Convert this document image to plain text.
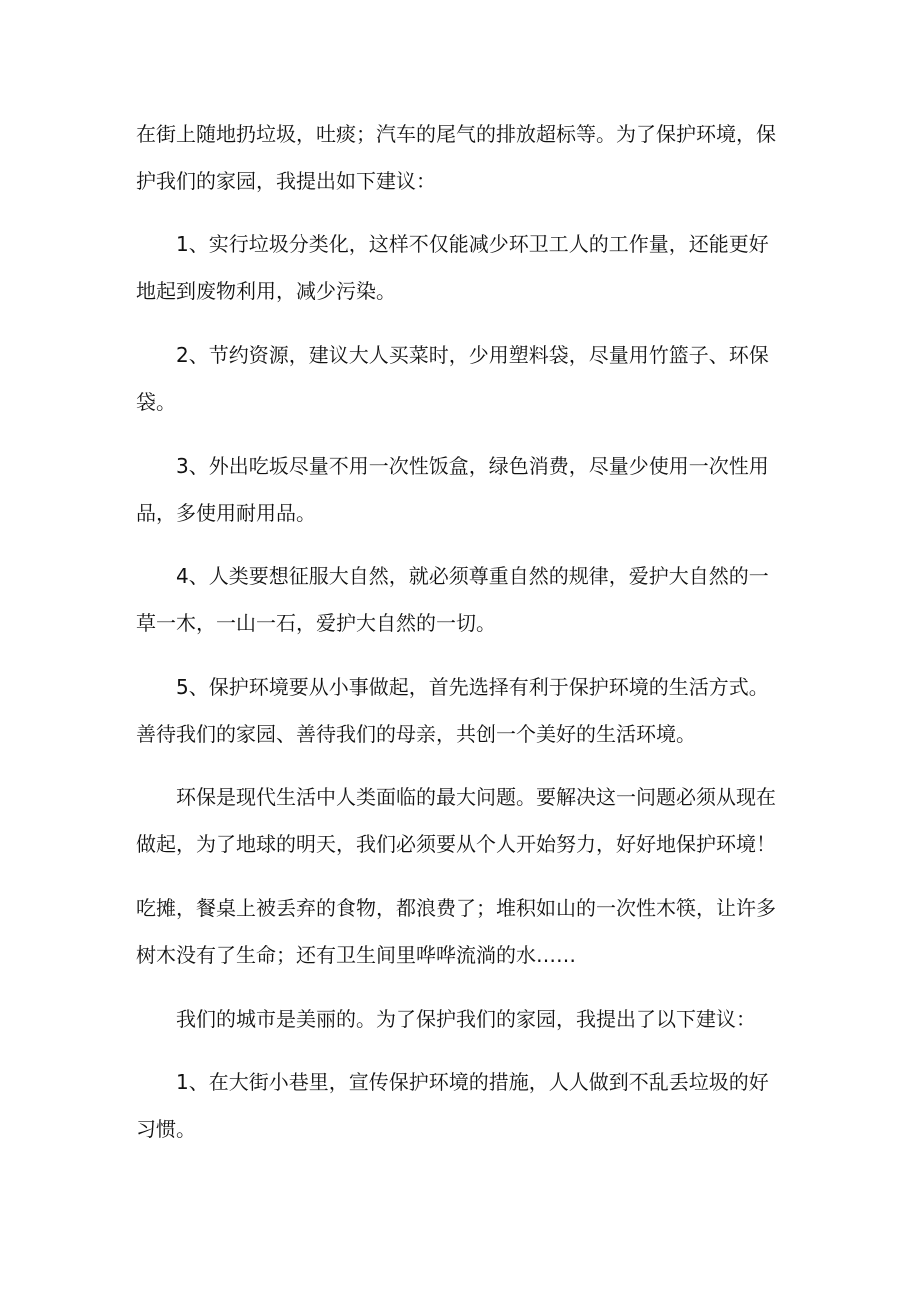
在街上随地扔垃圾，吐痰；汽车的尾气的排放超标等。为了保护环境，保

护我们的家园，我提出如下建议：

1、实行垃圾分类化，这样不仅能减少环卫工人的工作量，还能更好

地起到废物利用，减少污染。

2、节约资源，建议大人买菜时，少用塑料袋，尽量用竹篮子、环保

袋。

3、外出吃坂尽量不用一次性饭盒，绿色消费，尽量少使用一次性用

品，多使用耐用品。

4、人类要想征服大自然，就必须尊重自然的规律，爱护大自然的一

草一木，一山一石，爱护大自然的一切。

5、保护环境要从小事做起，首先选择有利于保护环境的生活方式。

善待我们的家园、善待我们的母亲，共创一个美好的生活环境。

环保是现代生活中人类面临的最大问题。要解决这一问题必须从现在

做起，为了地球的明天，我们必须要从个人开始努力，好好地保护环境！

吃摊，餐桌上被丢弃的食物，都浪费了；堆积如山的一次性木筷，让许多

树木没有了生命；还有卫生间里哗哗流淌的水……

我们的城市是美丽的。为了保护我们的家园，我提出了以下建议：

1、在大街小巷里，宣传保护环境的措施，人人做到不乱丢垃圾的好

习惯。
